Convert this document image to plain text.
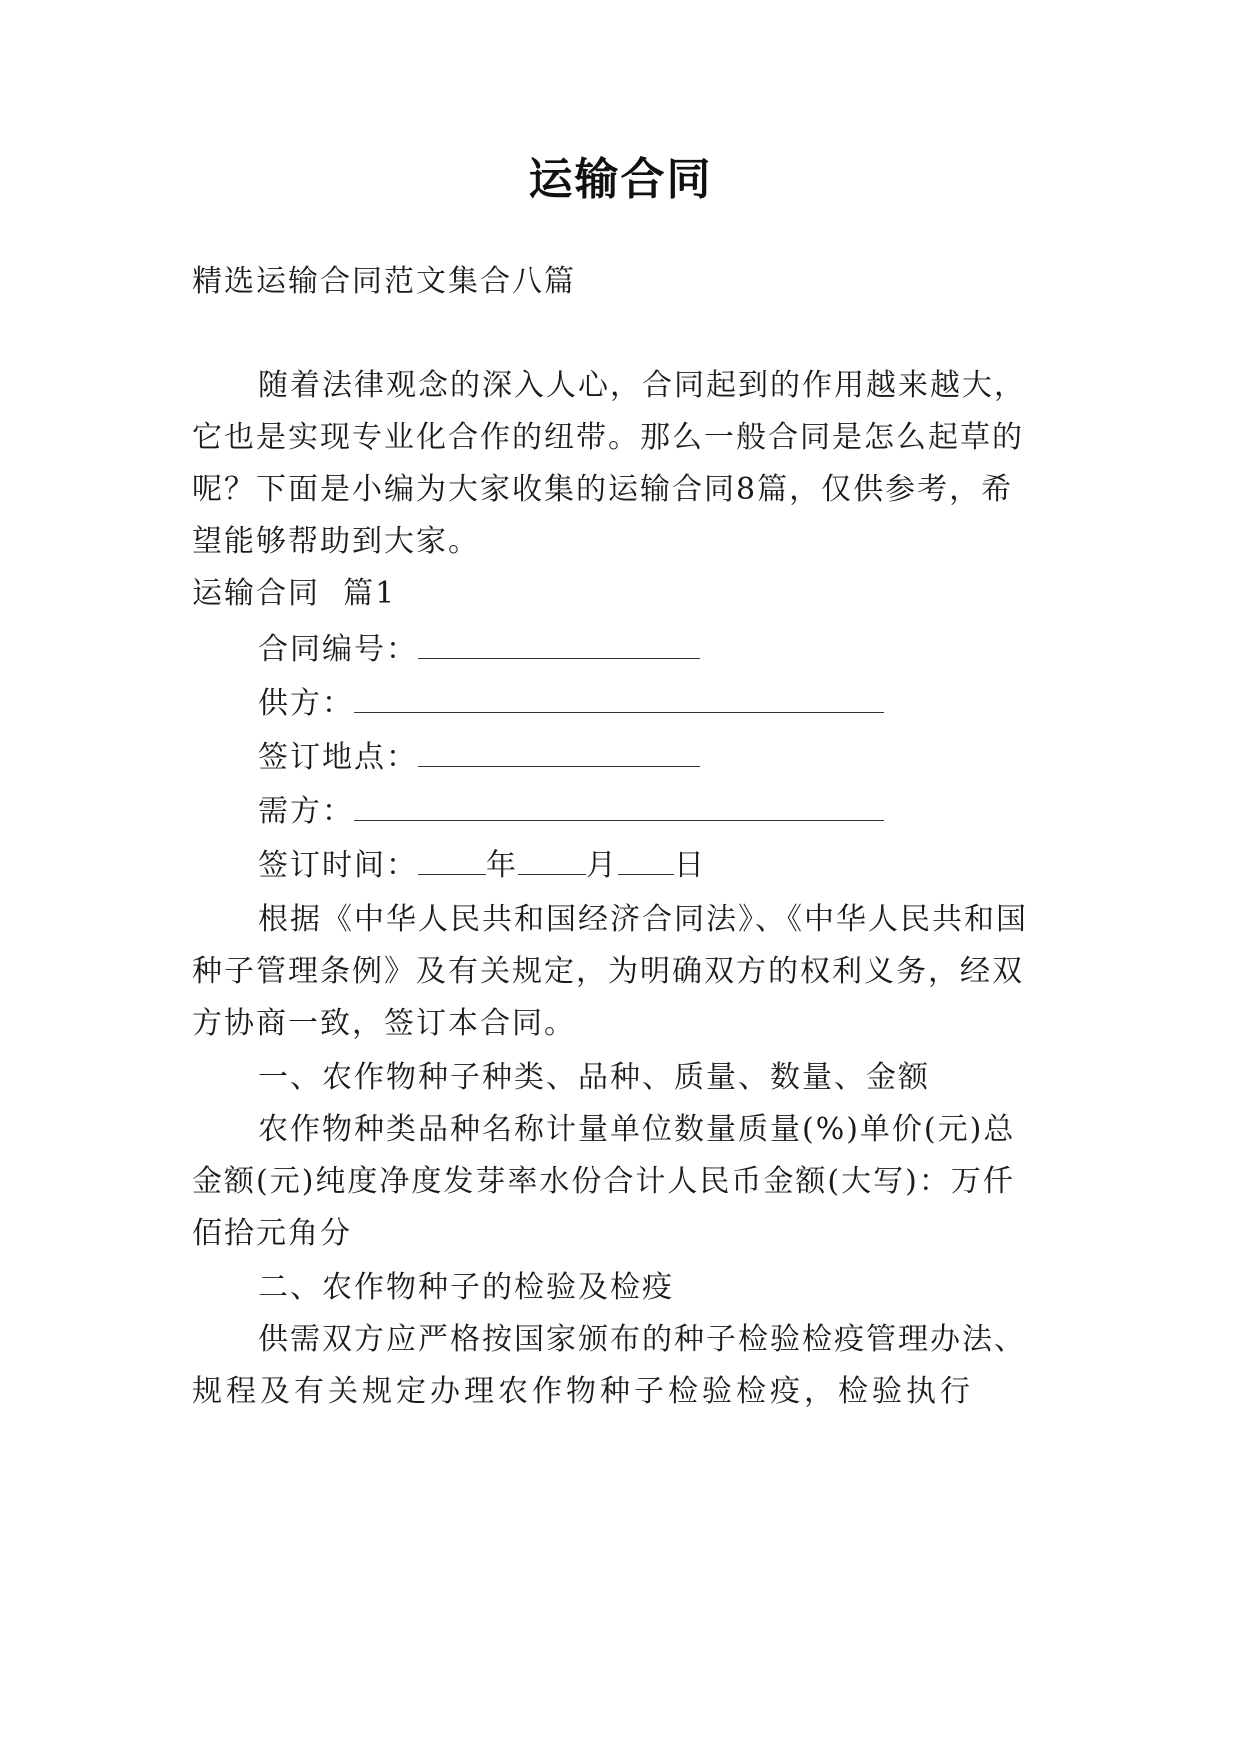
运输合同
精选运输合同范文集合八篇
随着法律观念的深入人心，合同起到的作用越来越大，
它也是实现专业化合作的纽带。那么一般合同是怎么起草的
呢？下面是小编为大家收集的运输合同8篇，仅供参考，希
望能够帮助到大家。
运输合同  篇1
合同编号：
供方：
签订地点：
需方：
签订时间： 年 月 日
根据《中华人民共和国经济合同法》、《中华人民共和国
种子管理条例》及有关规定，为明确双方的权利义务，经双
方协商一致，签订本合同。
一、农作物种子种类、品种、质量、数量、金额
农作物种类品种名称计量单位数量质量(%)单价(元)总
金额(元)纯度净度发芽率水份合计人民币金额(大写)：万仟
佰拾元角分
二、农作物种子的检验及检疫
供需双方应严格按国家颁布的种子检验检疫管理办法、
规程及有关规定办理农作物种子检验检疫，检验执行
